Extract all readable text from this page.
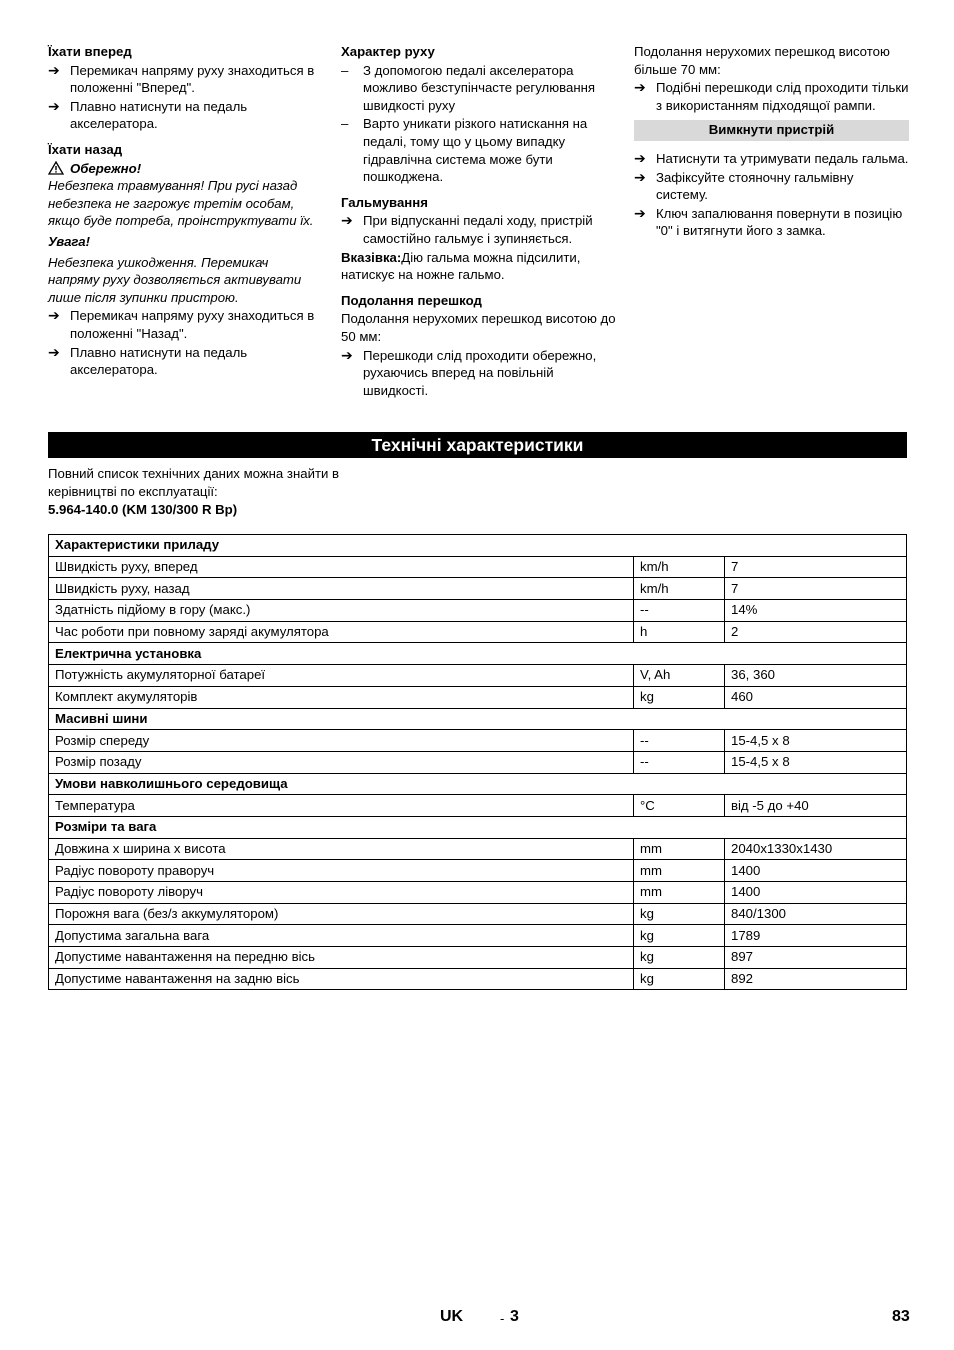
Їхати вперед
➔ Перемикач напряму руху знаходиться в положенні "Вперед".
➔ Плавно натиснути на педаль акселератора.
Їхати назад
Обережно!

Небезпека травмування! При русі назад небезпека не загрожує третім особам, якщо буде потреба, проінструктувати їх.

Увага!

Небезпека ушкодження. Перемикач напряму руху дозволяється активувати лише після зупинки пристрою.

➔ Перемикач напряму руху знаходиться в положенні "Назад".
➔ Плавно натиснути на педаль акселератора.
Характер руху
–	З допомогою педалі акселератора можливо безступінчасте регулювання швидкості руху
–	Варто уникати різкого натискання на педалі, тому що у цьому випадку гідравлічна система може бути пошкоджена.
Гальмування
➔ При відпусканні педалі ходу, пристрій самостійно гальмує і зупиняється.

Вказівка:Дію гальма можна підсилити, натискує на ножне гальмо.

Подолання перешкод

Подолання нерухомих перешкод висотою до 50 мм:

➔ Перешкоди слід проходити обережно, рухаючись вперед на повільній швидкості.

Подолання нерухомих перешкод висотою більше 70 мм:

➔ Подібні перешкоди слід проходити тільки з використанням підходящої рампи.
Вимкнути пристрій
➔ Натиснути та утримувати педаль гальма.
➔ Зафіксуйте стояночну гальмівну систему.
➔ Ключ запалювання повернути в позицію "0" і витягнути його з замка.
Технічні характеристики

Повний список технічних даних можна знайти в керівництві по експлуатації:

5.964-140.0 (KM 130/300 R Bp)

Характеристики приладу		
Швидкість руху, вперед	km/h	7
Швидкість руху, назад	km/h	7
Здатність підйому в гору (макс.)	--	14%
Час роботи при повному заряді акумулятора	h	2
Електрична установка		
Потужність акумуляторної батареї	V, Ah	36, 360
Комплект акумуляторів	kg	460
Масивні шини		
Розмір спереду	--	15-4,5 x 8
Розмір позаду	--	15-4,5 x 8
Умови навколишнього середовища		
Температура	°C	від -5 до +40
Розміри та вага		
Довжина x ширина x висота	mm	2040x1330x1430
Радіус повороту праворуч	mm	1400
Радіус повороту ліворуч	mm	1400
Порожня вага (без/з аккумулятором)	kg	840/1300
Допустима загальна вага	kg	1789
Допустиме навантаження на передню вісь	kg	897
Допустиме навантаження на задню вісь	kg	892
UK	- 3	83
